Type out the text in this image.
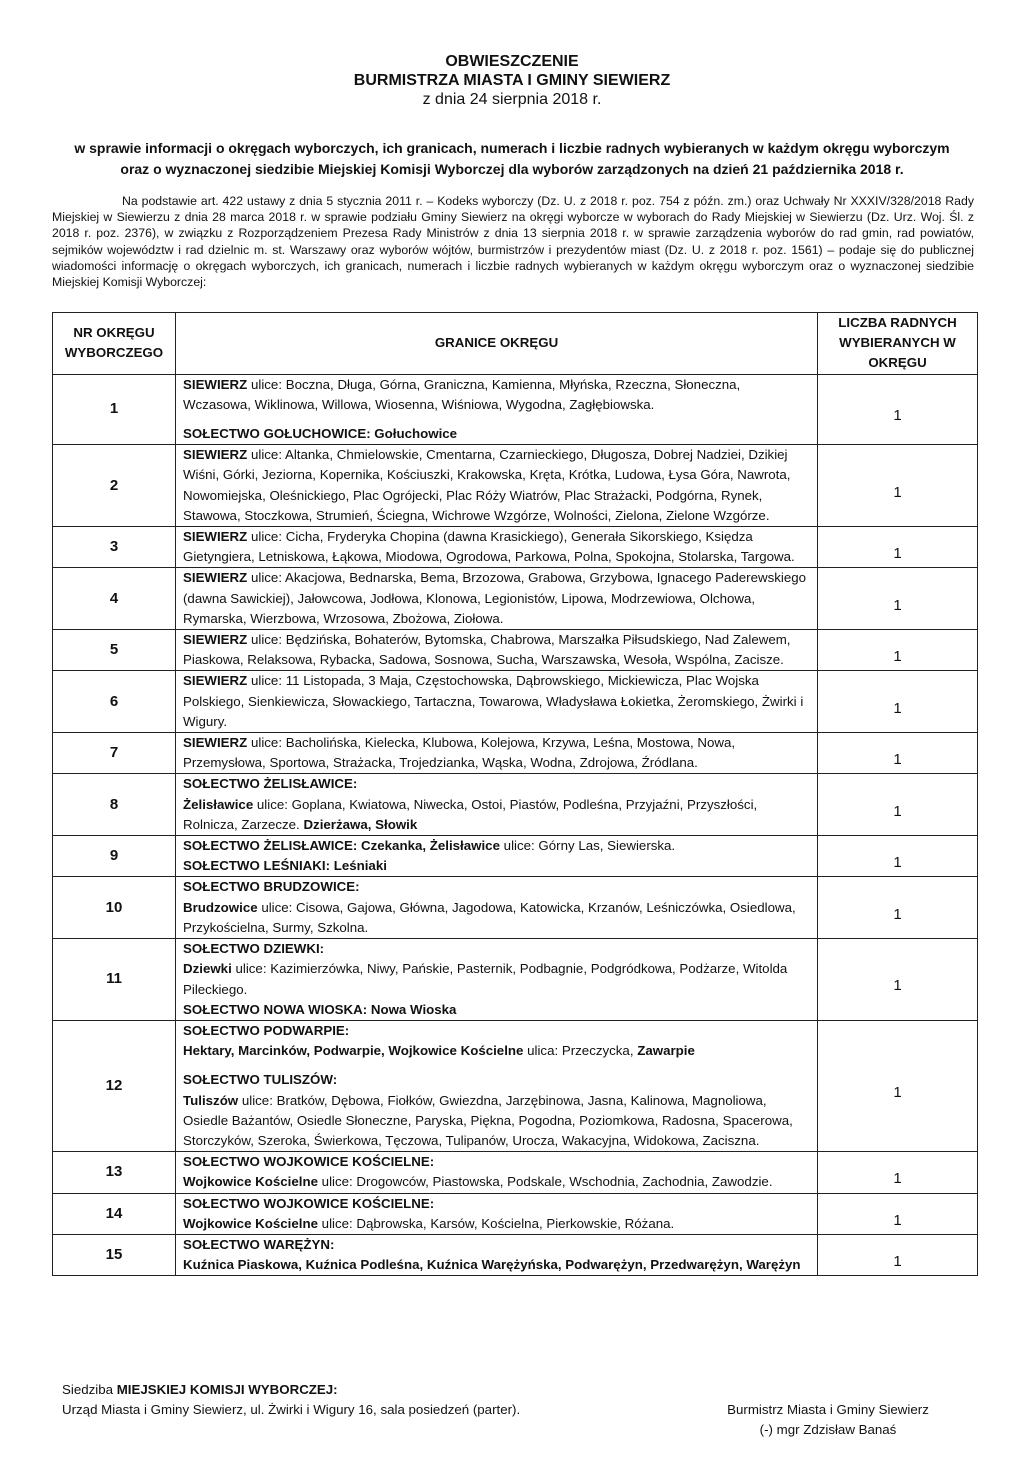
OBWIESZCZENIE
BURMISTRZA MIASTA I GMINY SIEWIERZ
z dnia 24 sierpnia 2018 r.
w sprawie informacji o okręgach wyborczych, ich granicach, numerach i liczbie radnych wybieranych w każdym okręgu wyborczym
oraz o wyznaczonej siedzibie Miejskiej Komisji Wyborczej dla wyborów zarządzonych na dzień 21 października 2018 r.
Na podstawie art. 422 ustawy z dnia 5 stycznia 2011 r. – Kodeks wyborczy (Dz. U. z 2018 r. poz. 754 z późn. zm.) oraz Uchwały Nr XXXIV/328/2018 Rady Miejskiej w Siewierzu z dnia 28 marca 2018 r. w sprawie podziału Gminy Siewierz na okręgi wyborcze w wyborach do Rady Miejskiej w Siewierzu (Dz. Urz. Woj. Śl. z 2018 r. poz. 2376), w związku z Rozporządzeniem Prezesa Rady Ministrów z dnia 13 sierpnia 2018 r. w sprawie zarządzenia wyborów do rad gmin, rad powiatów, sejmików województw i rad dzielnic m. st. Warszawy oraz wyborów wójtów, burmistrzów i prezydentów miast (Dz. U. z 2018 r. poz. 1561) – podaje się do publicznej wiadomości informację o okręgach wyborczych, ich granicach, numerach i liczbie radnych wybieranych w każdym okręgu wyborczym oraz o wyznaczonej siedzibie Miejskiej Komisji Wyborczej:
NR OKRĘGU WYBORCZEGO	GRANICE OKRĘGU	LICZBA RADNYCH WYBIERANYCH W OKRĘGU
1	SIEWIERZ ulice: Boczna, Długa, Górna, Graniczna, Kamienna, Młyńska, Rzeczna, Słoneczna, Wczasowa, Wiklinowa, Willowa, Wiosenna, Wiśniowa, Wygodna, Zagłębiowska.
SOŁECTWO GOŁUCHOWICE: Gołuchowice	1
2	SIEWIERZ ulice: Altanka, Chmielowskie, Cmentarna, Czarnieckiego, Długosza, Dobrej Nadziei, Dzikiej Wiśni, Górki, Jeziorna, Kopernika, Kościuszki, Krakowska, Kręta, Krótka, Ludowa, Łysa Góra, Nawrota, Nowomiejska, Oleśnickiego, Plac Ogrójecki, Plac Róży Wiatrów, Plac Strażacki, Podgórna, Rynek, Stawowa, Stoczkowa, Strumień, Ściegna, Wichrowe Wzgórze, Wolności, Zielona, Zielone Wzgórze.	1
3	SIEWIERZ ulice: Cicha, Fryderyka Chopina (dawna Krasickiego), Generała Sikorskiego, Księdza Gietyngiera, Letniskowa, Łąkowa, Miodowa, Ogrodowa, Parkowa, Polna, Spokojna, Stolarska, Targowa.	1
4	SIEWIERZ ulice: Akacjowa, Bednarska, Bema, Brzozowa, Grabowa, Grzybowa, Ignacego Paderewskiego (dawna Sawickiej), Jałowcowa, Jodłowa, Klonowa, Legionistów, Lipowa, Modrzewiowa, Olchowa, Rymarska, Wierzbowa, Wrzosowa, Zbożowa, Ziołowa.	1
5	SIEWIERZ ulice: Będzińska, Bohaterów, Bytomska, Chabrowa, Marszałka Piłsudskiego, Nad Zalewem, Piaskowa, Relaksowa, Rybacka, Sadowa, Sosnowa, Sucha, Warszawska, Wesoła, Wspólna, Zacisze.	1
6	SIEWIERZ ulice: 11 Listopada, 3 Maja, Częstochowska, Dąbrowskiego, Mickiewicza, Plac Wojska Polskiego, Sienkiewicza, Słowackiego, Tartaczna, Towarowa, Władysława Łokietka, Żeromskiego, Żwirki i Wigury.	1
7	SIEWIERZ ulice: Bacholińska, Kielecka, Klubowa, Kolejowa, Krzywa, Leśna, Mostowa, Nowa, Przemysłowa, Sportowa, Strażacka, Trojedzianka, Wąska, Wodna, Zdrojowa, Źródlana.	1
8	SOŁECTWO ŻELISŁAWICE:
Żelisławice ulice: Goplana, Kwiatowa, Niwecka, Ostoi, Piastów, Podleśna, Przyjaźni, Przyszłości, Rolnicza, Zarzecze. Dzierżawa, Słowik	1
9	SOŁECTWO ŻELISŁAWICE: Czekanka, Żelisławice ulice: Górny Las, Siewierska.
SOŁECTWO LEŚNIAKI: Leśniaki	1
10	SOŁECTWO BRUDZOWICE:
Brudzowice ulice: Cisowa, Gajowa, Główna, Jagodowa, Katowicka, Krzanów, Leśniczówka, Osiedlowa, Przykościelna, Surmy, Szkolna.	1
11	SOŁECTWO DZIEWKI:
Dziewki ulice: Kazimierzówka, Niwy, Pańskie, Pasternik, Podbagnie, Podgródkowa, Podżarze, Witolda Pileckiego.
SOŁECTWO NOWA WIOSKA: Nowa Wioska	1
12	SOŁECTWO PODWARPIE:
Hektary, Marcinków, Podwarpie, Wojkowice Kościelne ulica: Przeczycka, Zawarpie
SOŁECTWO TULISZÓW:
Tuliszów ulice: Bratków, Dębowa, Fiołków, Gwiezdna, Jarzębinowa, Jasna, Kalinowa, Magnoliowa, Osiedle Bażantów, Osiedle Słoneczne, Paryska, Piękna, Pogodna, Poziomkowa, Radosna, Spacerowa, Storczyków, Szeroka, Świerkowa, Tęczowa, Tulipanów, Urocza, Wakacyjna, Widokowa, Zaciszna.	1
13	SOŁECTWO WOJKOWICE KOŚCIELNE:
Wojkowice Kościelne ulice: Drogowców, Piastowska, Podskale, Wschodnia, Zachodnia, Zawodzie.	1
14	SOŁECTWO WOJKOWICE KOŚCIELNE:
Wojkowice Kościelne ulice: Dąbrowska, Karsów, Kościelna, Pierkowskie, Różana.	1
15	SOŁECTWO WARĘŻYN:
Kuźnica Piaskowa, Kuźnica Podleśna, Kuźnica Warężyńska, Podwarężyn, Przedwarężyn, Warężyn	1
Siedziba MIEJSKIEJ KOMISJI WYBORCZEJ:
Urząd Miasta i Gminy Siewierz, ul. Żwirki i Wigury 16, sala posiedzeń (parter).	Burmistrz Miasta i Gminy Siewierz
(-) mgr Zdzisław Banaś
